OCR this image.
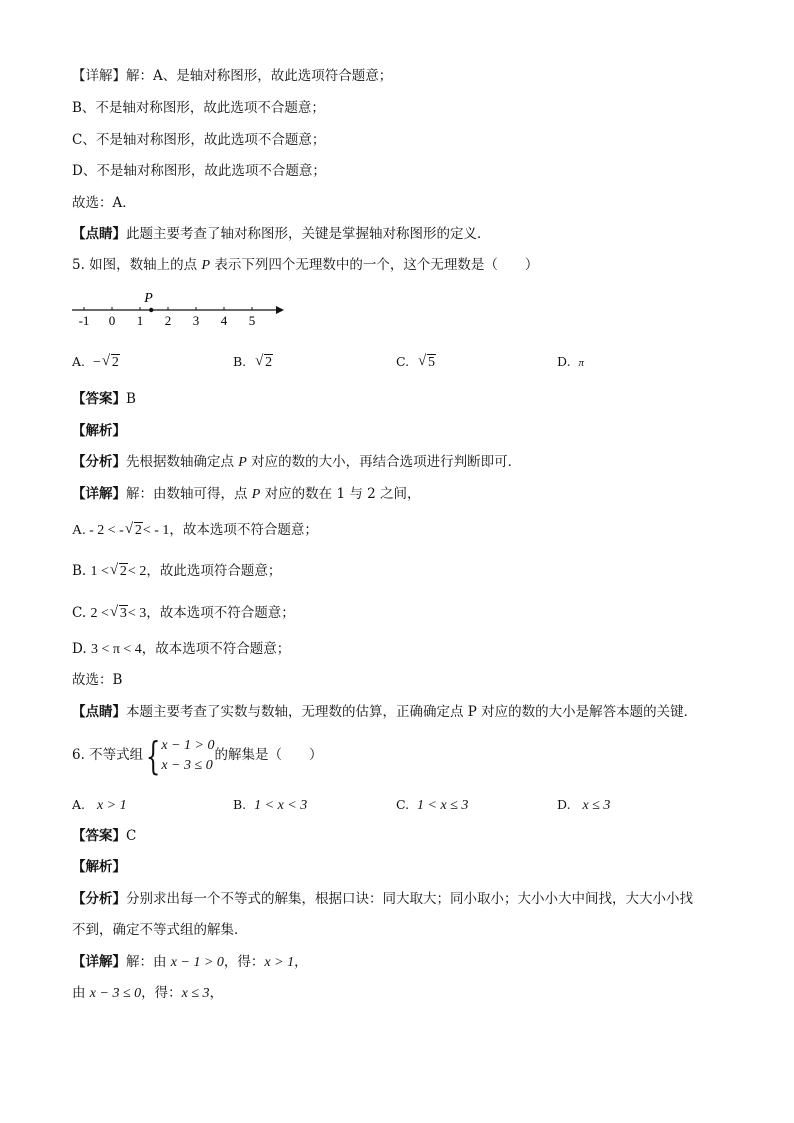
【详解】解：A、是轴对称图形，故此选项符合题意；
B、不是轴对称图形，故此选项不合题意；
C、不是轴对称图形，故此选项不合题意；
D、不是轴对称图形，故此选项不合题意；
故选：A．
【点睛】此题主要考查了轴对称图形，关键是掌握轴对称图形的定义．
5. 如图，数轴上的点 P 表示下列四个无理数中的一个，这个无理数是（　　）
-1 0 1 2 3 4 5
P
A. − √ 2	B. √ 2	C. √ 5	D. π
【答案】B
【解析】
【分析】先根据数轴确定点 P 对应的数的大小，再结合选项进行判断即可．
【详解】解：由数轴可得，点 P 对应的数在 1 与 2 之间，
A. - 2 < - √ 2< - 1，故本选项不符合题意；
B. 1 < √ 2< 2，故此选项符合题意；
C. 2 < √ 3< 3，故本选项不符合题意；
D. 3 < π < 4，故本选项不符合题意；
故选：B
【点睛】本题主要考查了实数与数轴，无理数的估算，正确确定点 P 对应的数的大小是解答本题的关键．
6. 不等式组{ x − 1 > 0
x − 3 ≤ 0
的解集是（　　）
A. x > 1	B. 1 < x < 3	C. 1 < x ≤ 3	D. x ≤ 3
【答案】C
【解析】
【分析】分别求出每一个不等式的解集，根据口诀：同大取大；同小取小；大小小大中间找，大大小小找
不到，确定不等式组的解集．
【详解】解：由 x − 1 > 0，得：x > 1，
由 x − 3 ≤ 0，得：x ≤ 3，
